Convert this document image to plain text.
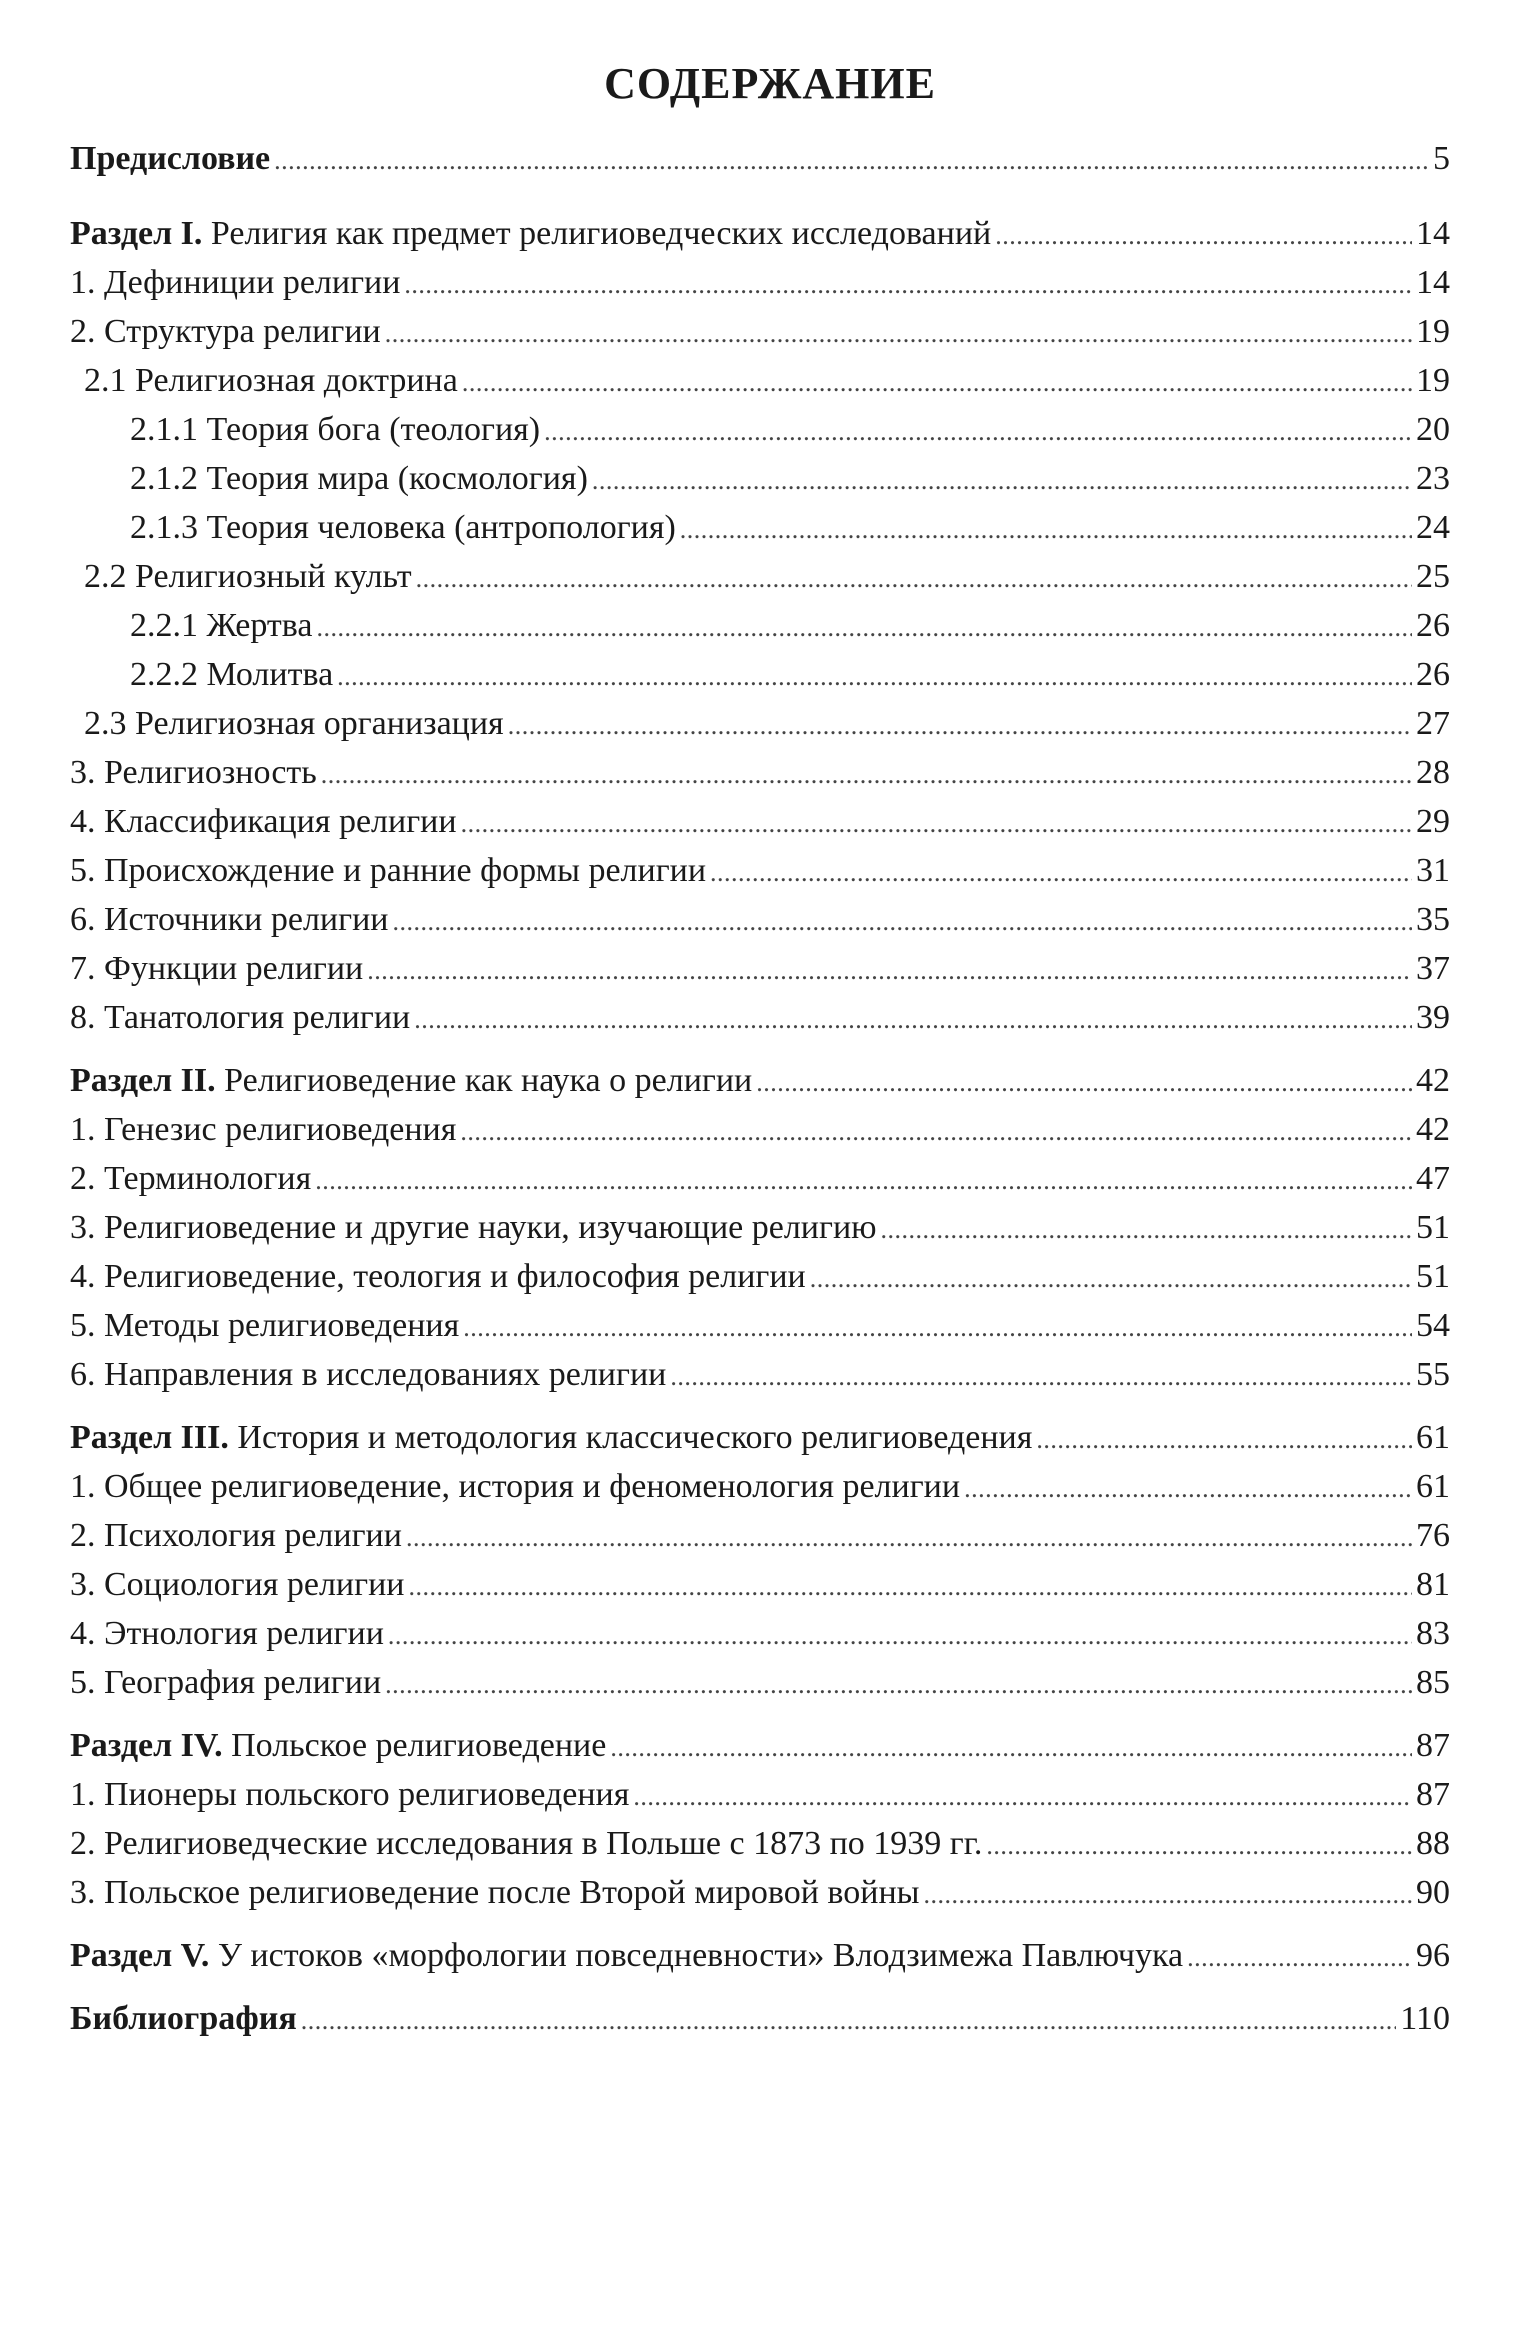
СОДЕРЖАНИЕ
Предисловие . . .	5
Раздел I. Религия как предмет религиоведческих исследований . . .	14
1. Дефиниции религии . . .	14
2. Структура религии . . .	19
2.1 Религиозная доктрина . . .	19
2.1.1 Теория бога (теология) . . .	20
2.1.2 Теория мира (космология) . . .	23
2.1.3 Теория человека (антропология) . . .	24
2.2 Религиозный культ . . .	25
2.2.1 Жертва . . .	26
2.2.2 Молитва . . .	26
2.3 Религиозная организация . . .	27
3. Религиозность . . .	28
4. Классификация религии . . .	29
5. Происхождение и ранние формы религии . . .	31
6. Источники религии . . .	35
7. Функции религии . . .	37
8. Танатология религии . . .	39
Раздел II. Религиоведение как наука о религии . . .	42
1. Генезис религиоведения . . .	42
2. Терминология . . .	47
3. Религиоведение и другие науки, изучающие религию . . .	51
4. Религиоведение, теология и философия религии . . .	51
5. Методы религиоведения . . .	54
6. Направления в исследованиях религии . . .	55
Раздел III. История и методология классического религиоведения . . .	61
1. Общее религиоведение, история и феноменология религии . . .	61
2. Психология религии . . .	76
3. Социология религии . . .	81
4. Этнология религии . . .	83
5. География религии . . .	85
Раздел IV. Польское религиоведение . . .	87
1. Пионеры польского религиоведения . . .	87
2. Религиоведческие исследования в Польше с 1873 по 1939 гг. . . .	88
3. Польское религиоведение после Второй мировой войны . . .	90
Раздел V. У истоков «морфологии повседневности» Влодзимежа Павлючука . . .	96
Библиография . . .	110
